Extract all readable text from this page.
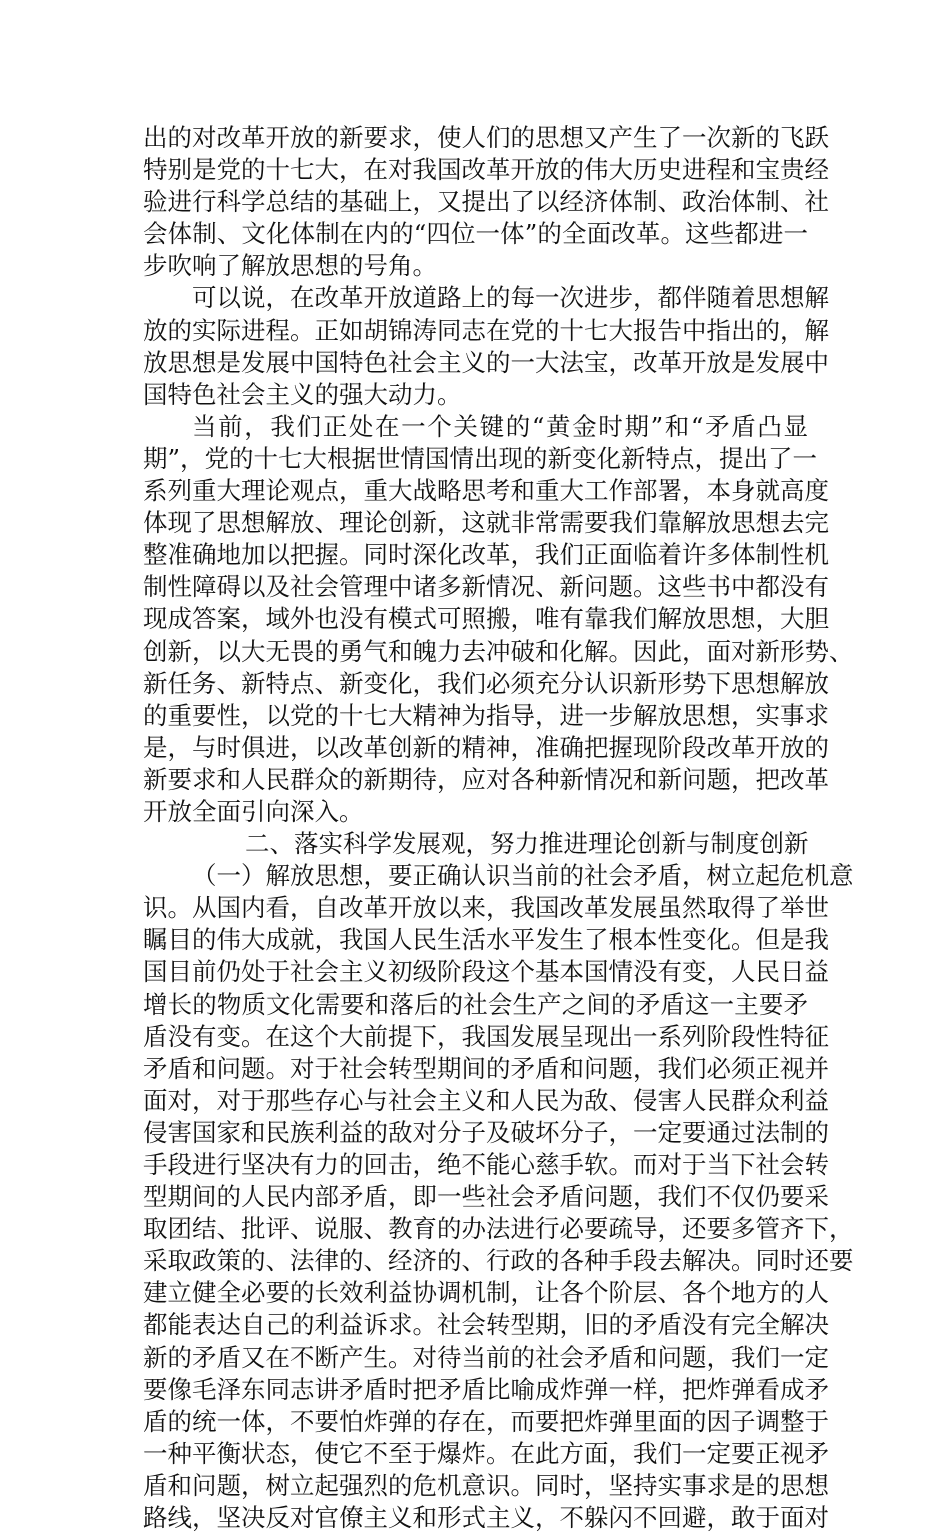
出的对改革开放的新要求，使人们的思想又产生了一次新的飞跃
特别是党的十七大，在对我国改革开放的伟大历史进程和宝贵经
验进行科学总结的基础上，又提出了以经济体制、政治体制、社
会体制、文化体制在内的“四位一体”的全面改革。这些都进一
步吹响了解放思想的号角。
可以说，在改革开放道路上的每一次进步，都伴随着思想解
放的实际进程。正如胡锦涛同志在党的十七大报告中指出的，解
放思想是发展中国特色社会主义的一大法宝，改革开放是发展中
国特色社会主义的强大动力。
当前，我们正处在一个关键的“黄金时期”和“矛盾凸显
期”，党的十七大根据世情国情出现的新变化新特点，提出了一
系列重大理论观点，重大战略思考和重大工作部署，本身就高度
体现了思想解放、理论创新，这就非常需要我们靠解放思想去完
整准确地加以把握。同时深化改革，我们正面临着许多体制性机
制性障碍以及社会管理中诸多新情况、新问题。这些书中都没有
现成答案，域外也没有模式可照搬，唯有靠我们解放思想，大胆
创新，以大无畏的勇气和魄力去冲破和化解。因此，面对新形势、
新任务、新特点、新变化，我们必须充分认识新形势下思想解放
的重要性，以党的十七大精神为指导，进一步解放思想，实事求
是，与时俱进，以改革创新的精神，准确把握现阶段改革开放的
新要求和人民群众的新期待，应对各种新情况和新问题，把改革
开放全面引向深入。
二、落实科学发展观，努力推进理论创新与制度创新
（一）解放思想，要正确认识当前的社会矛盾，树立起危机意
识。从国内看，自改革开放以来，我国改革发展虽然取得了举世
瞩目的伟大成就，我国人民生活水平发生了根本性变化。但是我
国目前仍处于社会主义初级阶段这个基本国情没有变，人民日益
增长的物质文化需要和落后的社会生产之间的矛盾这一主要矛
盾没有变。在这个大前提下，我国发展呈现出一系列阶段性特征
矛盾和问题。对于社会转型期间的矛盾和问题，我们必须正视并
面对，对于那些存心与社会主义和人民为敌、侵害人民群众利益
侵害国家和民族利益的敌对分子及破坏分子，一定要通过法制的
手段进行坚决有力的回击，绝不能心慈手软。而对于当下社会转
型期间的人民内部矛盾，即一些社会矛盾问题，我们不仅仍要采
取团结、批评、说服、教育的办法进行必要疏导，还要多管齐下，
采取政策的、法律的、经济的、行政的各种手段去解决。同时还要
建立健全必要的长效利益协调机制，让各个阶层、各个地方的人
都能表达自己的利益诉求。社会转型期，旧的矛盾没有完全解决
新的矛盾又在不断产生。对待当前的社会矛盾和问题，我们一定
要像毛泽东同志讲矛盾时把矛盾比喻成炸弹一样，把炸弹看成矛
盾的统一体，不要怕炸弹的存在，而要把炸弹里面的因子调整于
一种平衡状态，使它不至于爆炸。在此方面，我们一定要正视矛
盾和问题，树立起强烈的危机意识。同时，坚持实事求是的思想
路线，坚决反对官僚主义和形式主义，不躲闪不回避，敢于面对
